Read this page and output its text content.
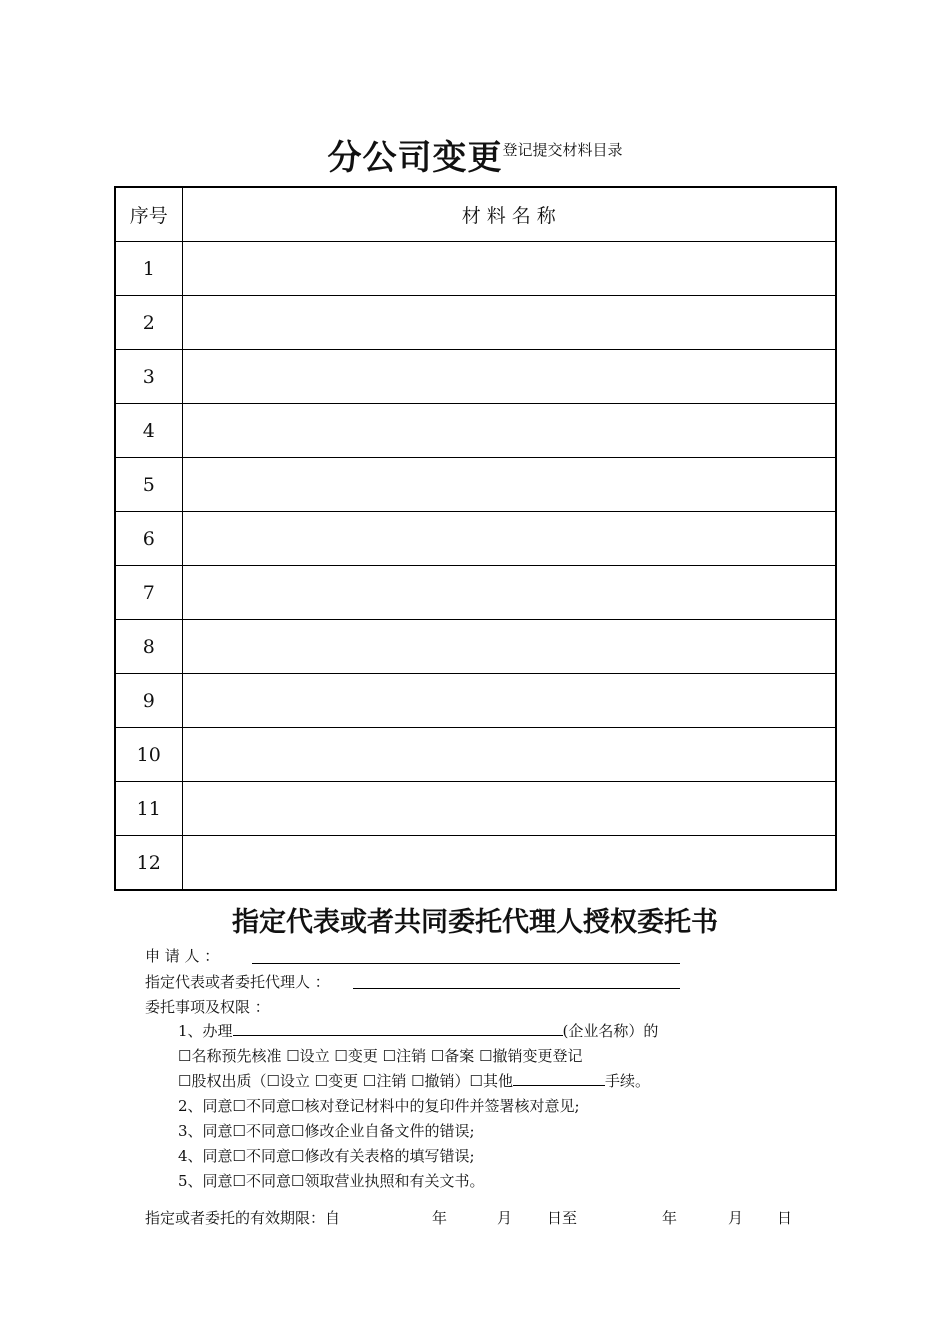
分公司变更登记提交材料目录
序号	材 料 名 称
1	
2	
3	
4	
5	
6	
7	
8	
9	
10	
11	
12	
指定代表或者共同委托代理人授权委托书
申 请 人 ：
指定代表或者委托代理人 ：
委托事项及权限 ：
1、办理	(企业名称）的
☐名称预先核准 ☐设立 ☐变更 ☐注销 ☐备案 ☐撤销变更登记
☐股权出质（☐设立 ☐变更 ☐注销 ☐撤销）☐其他	手续。
2、同意☐不同意☐核对登记材料中的复印件并签署核对意见;
3、同意☐不同意☐修改企业自备文件的错误;
4、同意☐不同意☐修改有关表格的填写错误;
5、同意☐不同意☐领取营业执照和有关文书。
指定或者委托的有效期限：自	年	月 日至	年	月 日
